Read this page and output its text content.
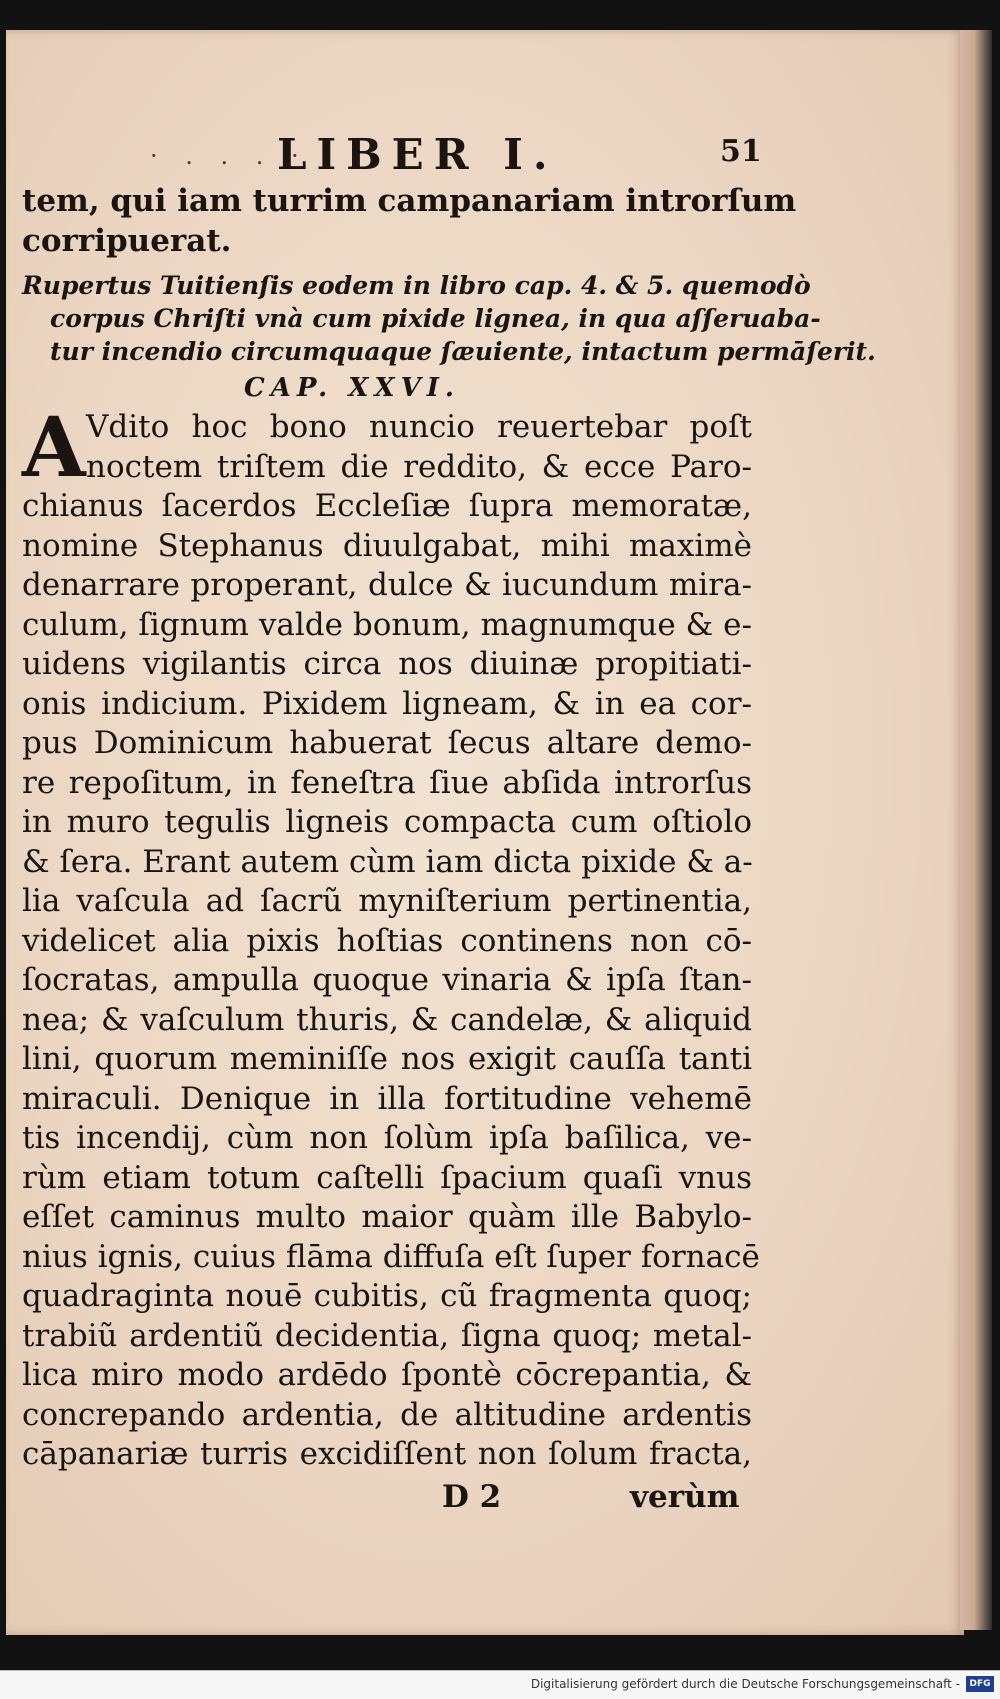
· . . . ·
LIBER I.	51
tem, qui iam turrim campanariam introrſum
corripuerat.
Rupertus Tuitienſis eodem in libro cap. 4. & 5. quemodò
corpus Chriſti vnà cum pixide lignea, in qua aſſeruaba-
tur incendio circumquaque ſæuiente, intactum permāſerit.
CAP. XXVI.
A Vdito hoc bono nuncio reuertebar poſt
noctem triſtem die reddito, & ecce Paro-
chianus ſacerdos Eccleſiæ ſupra memoratæ,
nomine Stephanus diuulgabat, mihi maximè
denarrare properant, dulce & iucundum mira-
culum, ſignum valde bonum, magnumque & e-
uidens vigilantis circa nos diuinæ propitiati-
onis indicium. Pixidem ligneam, & in ea cor-
pus Dominicum habuerat ſecus altare demo-
re repoſitum, in feneſtra ſiue abſida introrſus
in muro tegulis ligneis compacta cum oſtiolo
& ſera. Erant autem cùm iam dicta pixide & a-
lia vaſcula ad ſacrũ myniſterium pertinentia,
videlicet alia pixis hoſtias continens non cō-
ſocratas, ampulla quoque vinaria & ipſa ſtan-
nea; & vaſculum thuris, & candelæ, & aliquid
lini, quorum meminiſſe nos exigit cauſſa tanti
miraculi. Denique in illa fortitudine vehemē
tis incendij, cùm non ſolùm ipſa baſilica, ve-
rùm etiam totum caſtelli ſpacium quaſi vnus
eſſet caminus multo maior quàm ille Babylo-
nius ignis, cuius flāma diffuſa eſt ſuper fornacē
quadraginta nouē cubitis, cũ fragmenta quoq;
trabiũ ardentiũ decidentia, ſigna quoq; metal-
lica miro modo ardēdo ſpontè cōcrepantia, &
concrepando ardentia, de altitudine ardentis
cāpanariæ turris excidiſſent non ſolum fracta,
D 2	verùm
Digitalisierung gefördert durch die Deutsche Forschungsgemeinschaft -	DFG
